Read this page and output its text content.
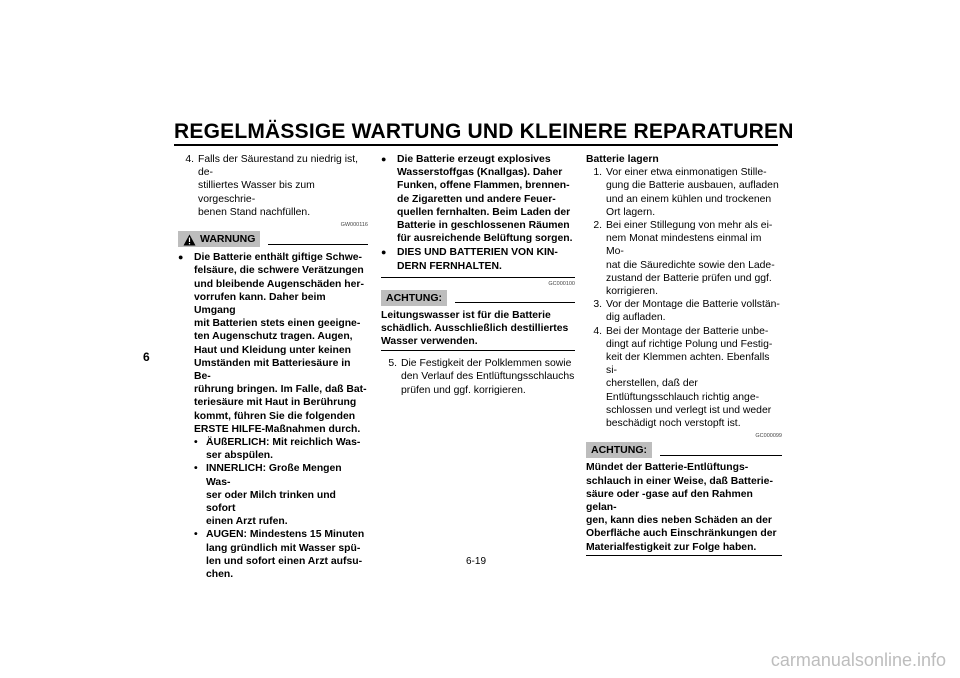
REGELMÄSSIGE WARTUNG UND KLEINERE REPARATUREN
6
4. Falls der Säurestand zu niedrig ist, de-
stilliertes Wasser bis zum vorgeschrie-
benen Stand nachfüllen.
GW000116
WARNUNG
●	Die Batterie enthält giftige Schwe-
felsäure, die schwere Verätzungen
und bleibende Augenschäden her-
vorrufen kann. Daher beim Umgang
mit Batterien stets einen geeigne-
ten Augenschutz tragen. Augen,
Haut und Kleidung unter keinen
Umständen mit Batteriesäure in Be-
rührung bringen. Im Falle, daß Bat-
teriesäure mit Haut in Berührung
kommt, führen Sie die folgenden
ERSTE HILFE-Maßnahmen durch.
• ÄUßERLICH: Mit reichlich Was-
ser abspülen.
• INNERLICH: Große Mengen Was-
ser oder Milch trinken und sofort
einen Arzt rufen.
• AUGEN: Mindestens 15 Minuten
lang gründlich mit Wasser spü-
len und sofort einen Arzt aufsu-
chen.
●	Die Batterie erzeugt explosives
Wasserstoffgas (Knallgas). Daher
Funken, offene Flammen, brennen-
de Zigaretten und andere Feuer-
quellen fernhalten. Beim Laden der
Batterie in geschlossenen Räumen
für ausreichende Belüftung sorgen.
●	DIES UND BATTERIEN VON KIN-
DERN FERNHALTEN.
GC000100
ACHTUNG:
Leitungswasser ist für die Batterie
schädlich. Ausschließlich destilliertes
Wasser verwenden.
5. Die Festigkeit der Polklemmen sowie
den Verlauf des Entlüftungsschlauchs
prüfen und ggf. korrigieren.
Batterie lagern
1. Vor einer etwa einmonatigen Stille-
gung die Batterie ausbauen, aufladen
und an einem kühlen und trockenen
Ort lagern.
2. Bei einer Stillegung von mehr als ei-
nem Monat mindestens einmal im Mo-
nat die Säuredichte sowie den Lade-
zustand der Batterie prüfen und ggf.
korrigieren.
3. Vor der Montage die Batterie vollstän-
dig aufladen.
4. Bei der Montage der Batterie unbe-
dingt auf richtige Polung und Festig-
keit der Klemmen achten. Ebenfalls si-
cherstellen, daß der
Entlüftungsschlauch richtig ange-
schlossen und verlegt ist und weder
beschädigt noch verstopft ist.
GC000099
ACHTUNG:
Mündet der Batterie-Entlüftungs-
schlauch in einer Weise, daß Batterie-
säure oder -gase auf den Rahmen gelan-
gen, kann dies neben Schäden an der
Oberfläche auch Einschränkungen der
Materialfestigkeit zur Folge haben.
6-19
carmanualsonline.info
